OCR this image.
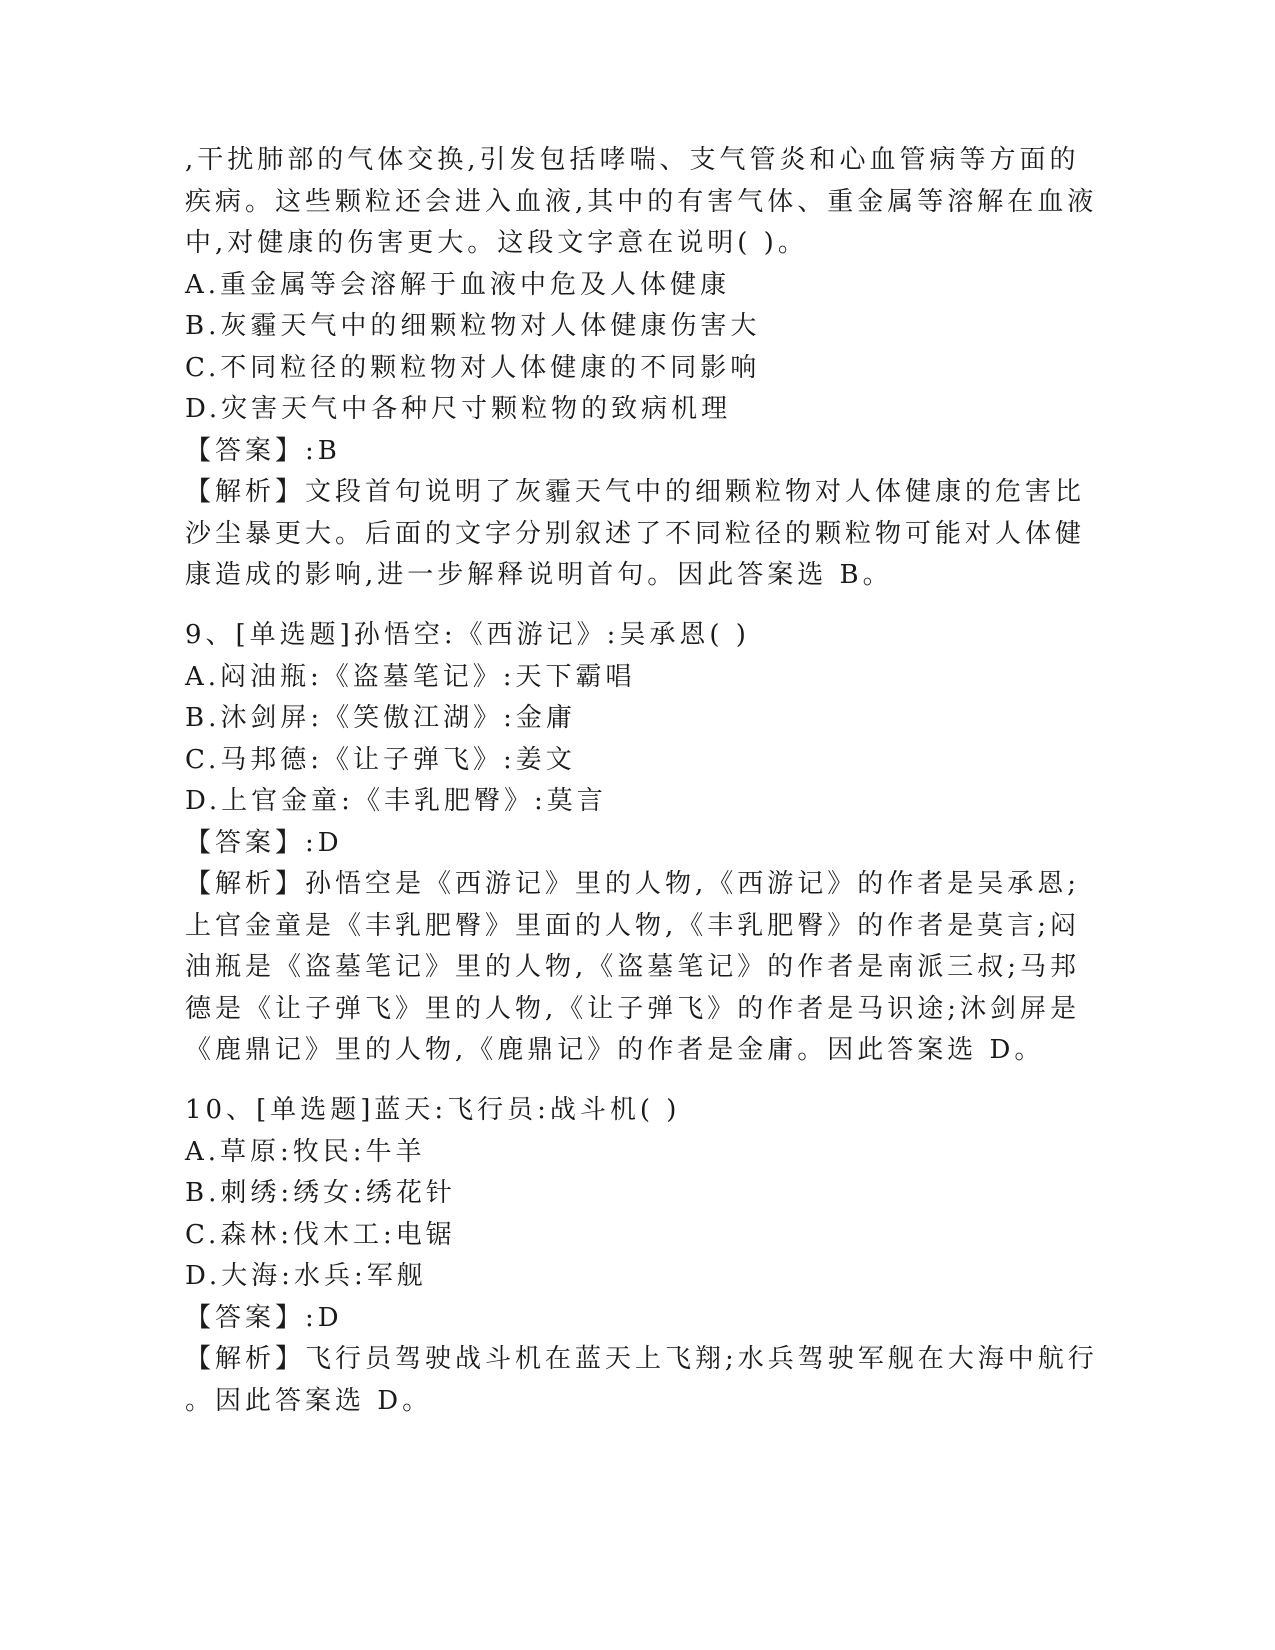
,干扰肺部的气体交换,引发包括哮喘、支气管炎和心血管病等方面的
疾病。这些颗粒还会进入血液,其中的有害气体、重金属等溶解在血液
中,对健康的伤害更大。这段文字意在说明( )。
A.重金属等会溶解于血液中危及人体健康
B.灰霾天气中的细颗粒物对人体健康伤害大
C.不同粒径的颗粒物对人体健康的不同影响
D.灾害天气中各种尺寸颗粒物的致病机理
【答案】:B
【解析】文段首句说明了灰霾天气中的细颗粒物对人体健康的危害比
沙尘暴更大。后面的文字分别叙述了不同粒径的颗粒物可能对人体健
康造成的影响,进一步解释说明首句。因此答案选 B。
9、[单选题]孙悟空:《西游记》:吴承恩( )
A.闷油瓶:《盗墓笔记》:天下霸唱
B.沐剑屏:《笑傲江湖》:金庸
C.马邦德:《让子弹飞》:姜文
D.上官金童:《丰乳肥臀》:莫言
【答案】:D
【解析】孙悟空是《西游记》里的人物,《西游记》的作者是吴承恩;
上官金童是《丰乳肥臀》里面的人物,《丰乳肥臀》的作者是莫言;闷
油瓶是《盗墓笔记》里的人物,《盗墓笔记》的作者是南派三叔;马邦
德是《让子弹飞》里的人物,《让子弹飞》的作者是马识途;沐剑屏是
《鹿鼎记》里的人物,《鹿鼎记》的作者是金庸。因此答案选 D。
10、[单选题]蓝天:飞行员:战斗机( )
A.草原:牧民:牛羊
B.刺绣:绣女:绣花针
C.森林:伐木工:电锯
D.大海:水兵:军舰
【答案】:D
【解析】飞行员驾驶战斗机在蓝天上飞翔;水兵驾驶军舰在大海中航行
。因此答案选 D。
